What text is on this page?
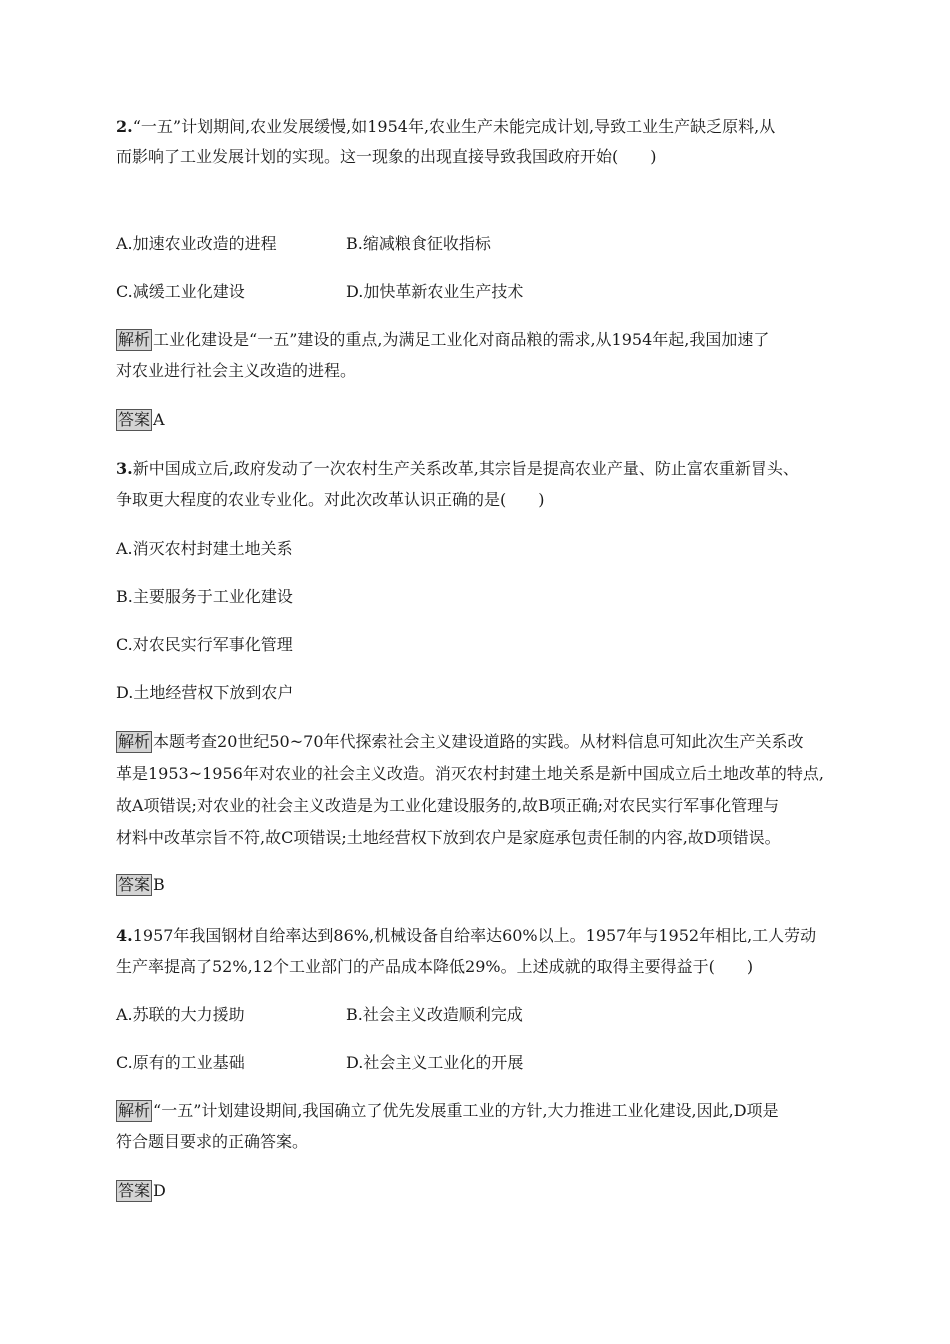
2.“一五”计划期间,农业发展缓慢,如1954年,农业生产未能完成计划,导致工业生产缺乏原料,从
而影响了工业发展计划的实现。这一现象的出现直接导致我国政府开始(　　)
A.加速农业改造的进程	B.缩减粮食征收指标
C.减缓工业化建设	D.加快革新农业生产技术
解析 工业化建设是“一五”建设的重点,为满足工业化对商品粮的需求,从1954年起,我国加速了
对农业进行社会主义改造的进程。
答案 A
3.新中国成立后,政府发动了一次农村生产关系改革,其宗旨是提高农业产量、防止富农重新冒头、
争取更大程度的农业专业化。对此次改革认识正确的是(　　)
A.消灭农村封建土地关系
B.主要服务于工业化建设
C.对农民实行军事化管理
D.土地经营权下放到农户
解析 本题考查20世纪50~70年代探索社会主义建设道路的实践。从材料信息可知此次生产关系改
革是1953~1956年对农业的社会主义改造。消灭农村封建土地关系是新中国成立后土地改革的特点,
故A项错误;对农业的社会主义改造是为工业化建设服务的,故B项正确;对农民实行军事化管理与
材料中改革宗旨不符,故C项错误;土地经营权下放到农户是家庭承包责任制的内容,故D项错误。
答案 B
4.1957年我国钢材自给率达到86%,机械设备自给率达60%以上。1957年与1952年相比,工人劳动
生产率提高了52%,12个工业部门的产品成本降低29%。上述成就的取得主要得益于(　　)
A.苏联的大力援助	B.社会主义改造顺利完成
C.原有的工业基础	D.社会主义工业化的开展
解析 “一五”计划建设期间,我国确立了优先发展重工业的方针,大力推进工业化建设,因此,D项是
符合题目要求的正确答案。
答案 D
